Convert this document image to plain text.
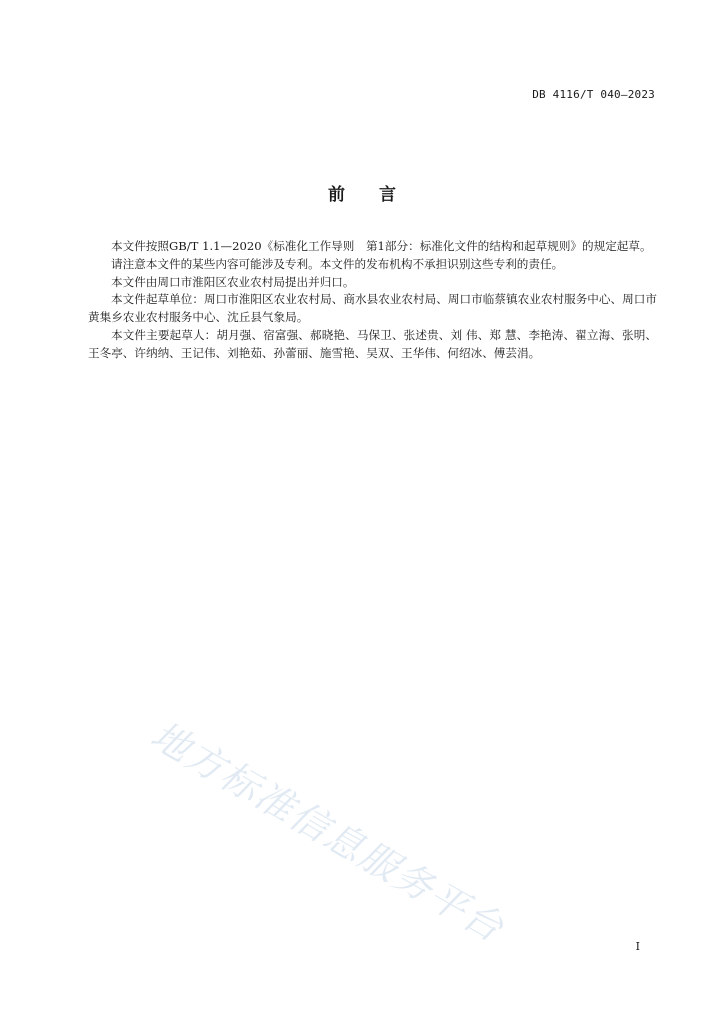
DB 4116/T 040—2023
前　　言

本文件按照GB/T 1.1—2020《标准化工作导则　第1部分：标准化文件的结构和起草规则》的规定起草。

请注意本文件的某些内容可能涉及专利。本文件的发布机构不承担识别这些专利的责任。

本文件由周口市淮阳区农业农村局提出并归口。

本文件起草单位：周口市淮阳区农业农村局、商水县农业农村局、周口市临蔡镇农业农村服务中心、周口市黄集乡农业农村服务中心、沈丘县气象局。

本文件主要起草人：胡月强、宿富强、郝晓艳、马保卫、张述贵、刘 伟、郑 慧、李艳涛、翟立海、张明、王冬亭、许纳纳、王记伟、刘艳茹、孙蕾丽、施雪艳、吴双、王华伟、何绍冰、傅芸涓。

地方标准信息服务平台	I
